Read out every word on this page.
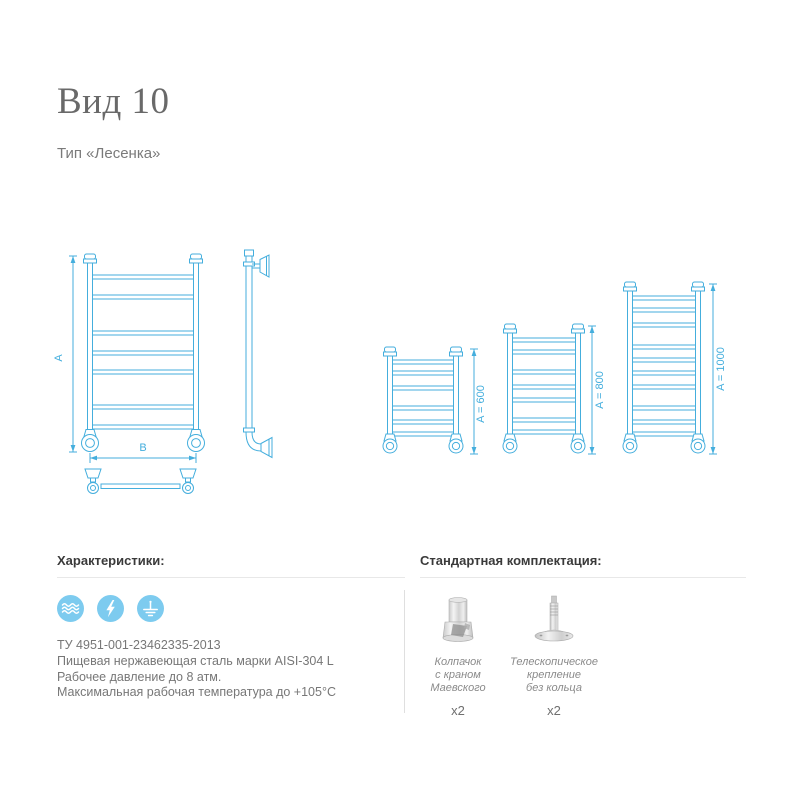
Вид 10
Тип «Лесенка»
A
B
A = 600	A = 800	A = 1000
Характеристики:
ТУ 4951-001-23462335-2013
Пищевая нержавеющая сталь марки AISI-304 L
Рабочее давление до 8 атм.
Максимальная рабочая температура до +105°C
Стандартная комплектация:
Колпачок
с краном
Маевского
х2
Телескопическое
крепление
без кольца
х2
